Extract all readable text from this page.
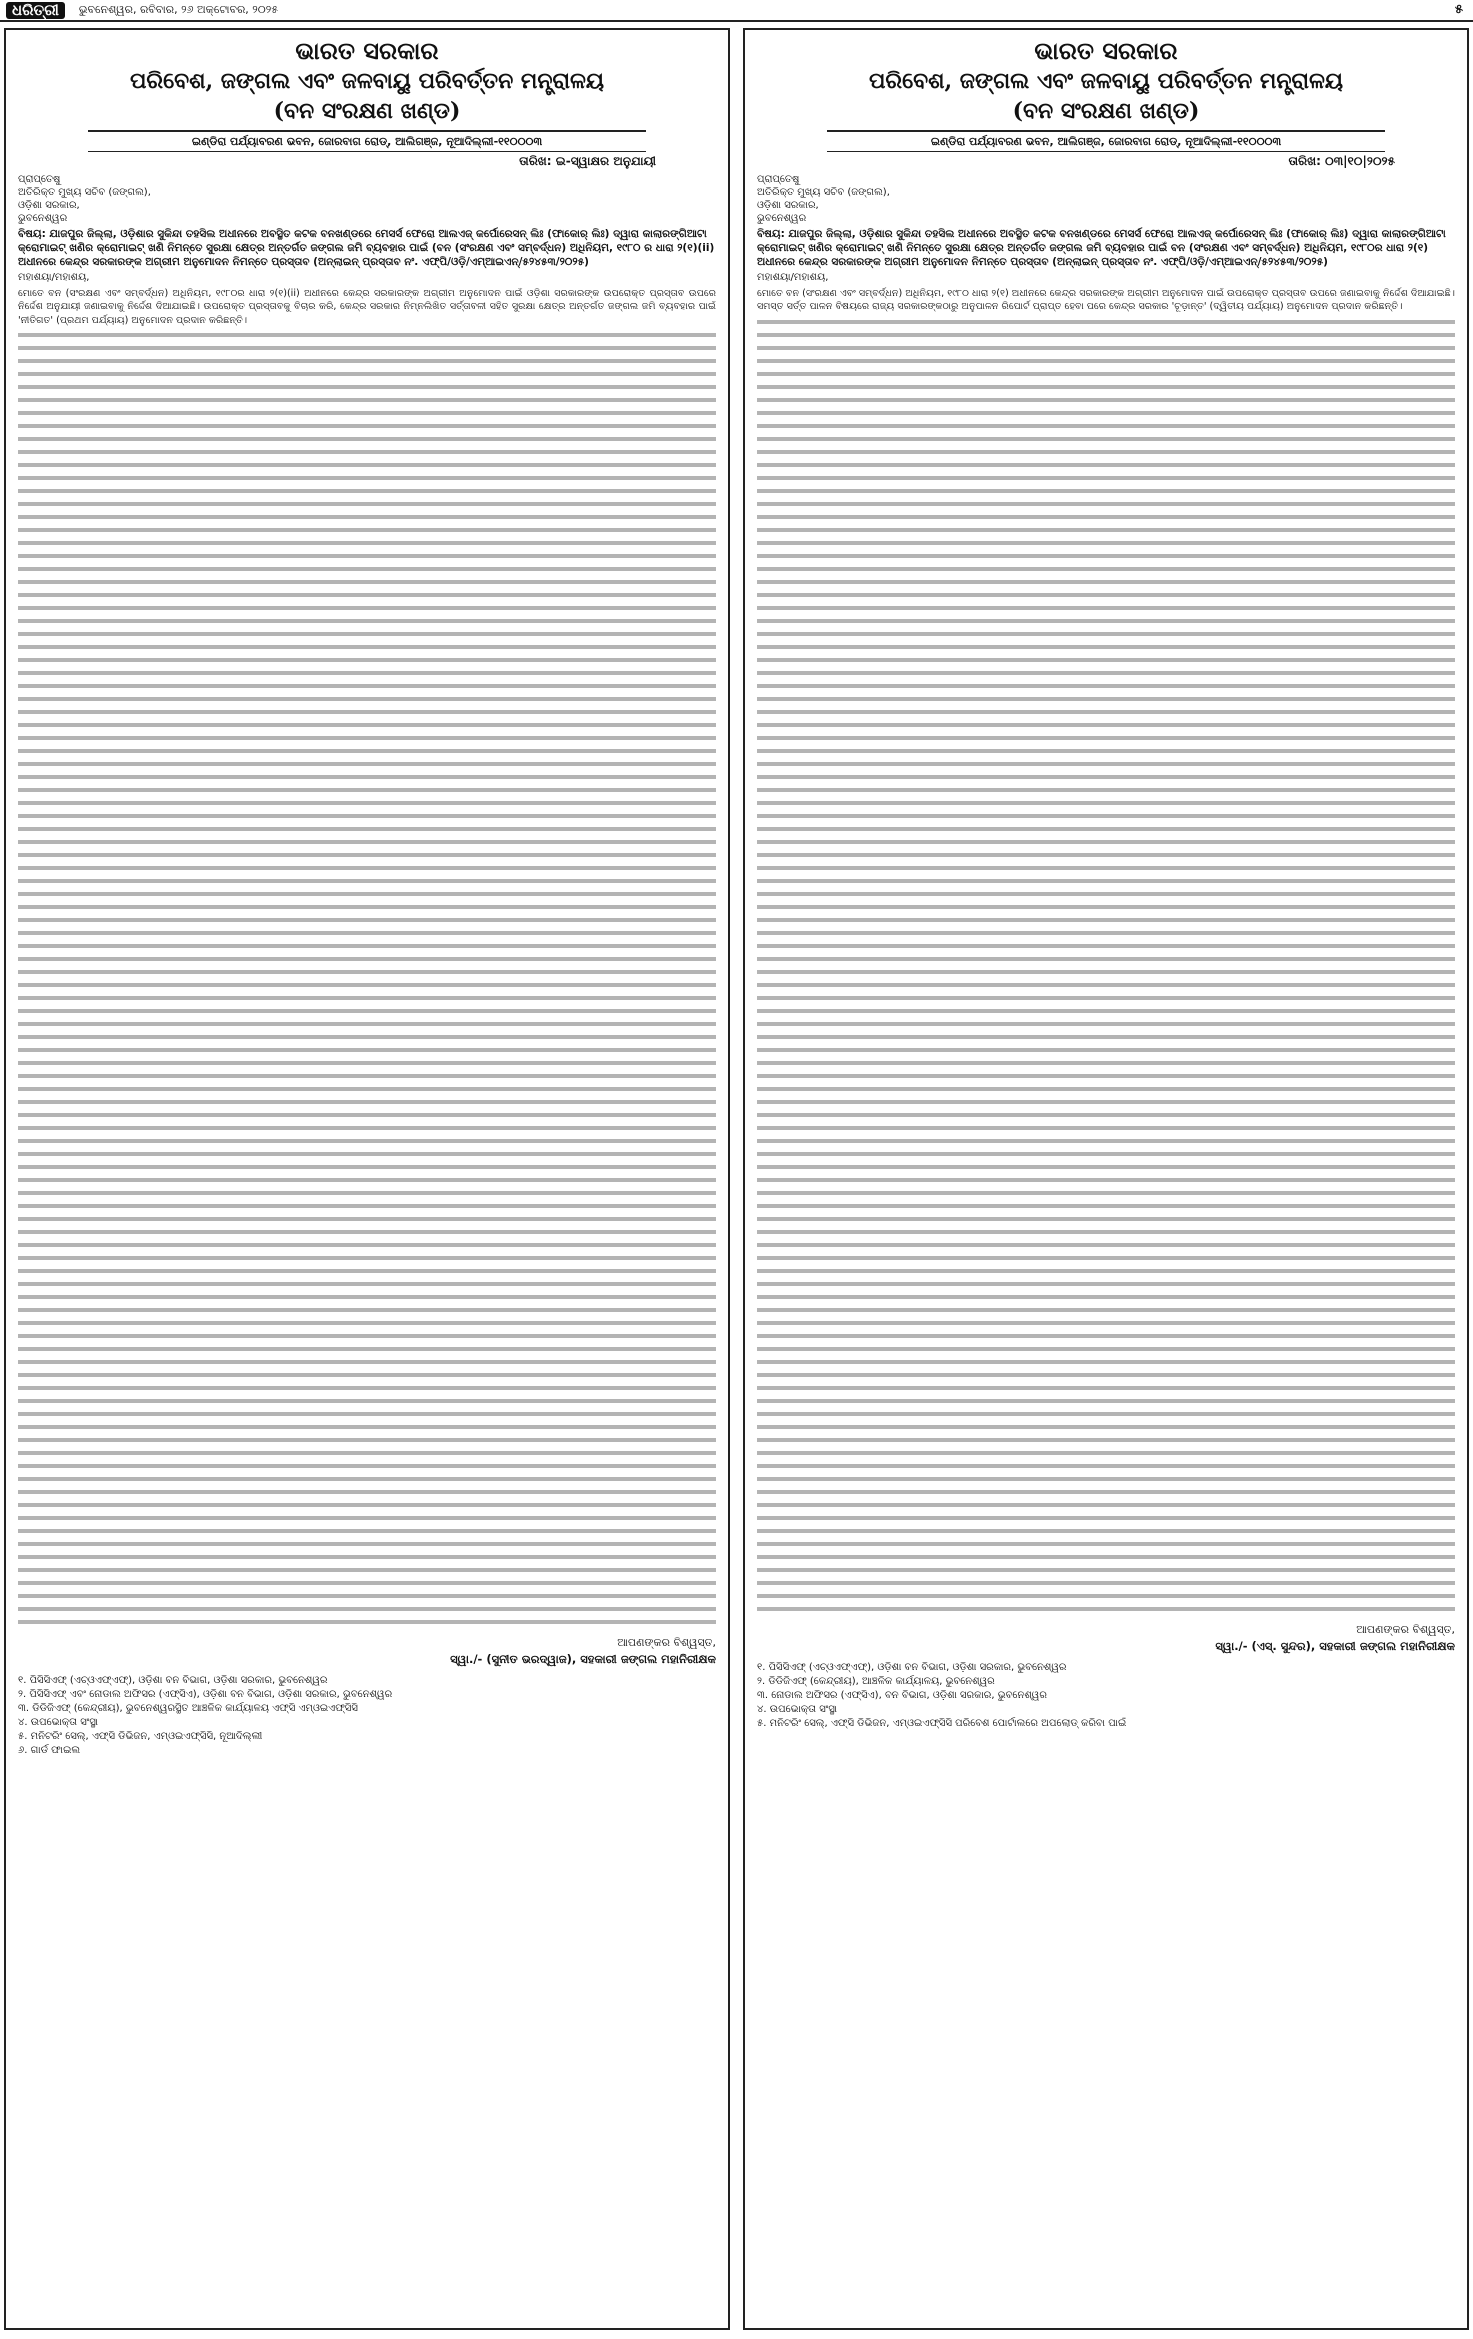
ଧରିତ୍ରୀ	ଭୁବନେଶ୍ୱର, ରବିବାର, ୨୬ ଅକ୍ଟୋବର, ୨୦୨୫	୫
ଭାରତ ସରକାର
ପରିବେଶ, ଜଙ୍ଗଲ ଏବଂ ଜଳବାୟୁ ପରିବର୍ତ୍ତନ ମନ୍ତ୍ରାଳୟ
(ବନ ସଂରକ୍ଷଣ ଖଣ୍ଡ)
ଇଣ୍ଡିରା ପର୍ଯ୍ୟାବରଣ ଭବନ, ଜୋରବାଗ ରୋଡ୍, ଆଲିଗଞ୍ଜ, ନୂଆଦିଲ୍ଲୀ-୧୧୦୦୦୩
ତାରିଖ: ଇ-ସ୍ୱାକ୍ଷର ଅନୁଯାୟୀ
ପ୍ରାପ୍ତେଷୁ
ଅତିରିକ୍ତ ମୁଖ୍ୟ ସଚିବ (ଜଙ୍ଗଲ),
ଓଡ଼ିଶା ସରକାର,
ଭୁବନେଶ୍ୱର
ବିଷୟ: ଯାଜପୁର ଜିଲ୍ଲା, ଓଡ଼ିଶାର ସୁକିନ୍ଦା ତହସିଲ ଅଧୀନରେ ଅବସ୍ଥିତ କଟକ ବନଖଣ୍ଡରେ ମେସର୍ସ ଫେରୋ ଆଲଏଜ୍ କର୍ପୋରେସନ୍ ଲିଃ (ଫାକୋର୍ ଲିଃ) ଦ୍ୱାରା କାଲାରଙ୍ଗିଆଟା କ୍ରୋମାଇଟ୍ ଖଣିର କ୍ରୋମାଇଟ୍ ଖଣି ନିମନ୍ତେ ସୁରକ୍ଷା କ୍ଷେତ୍ର ଅନ୍ତର୍ଗତ ଜଙ୍ଗଲ ଜମି ବ୍ୟବହାର ପାଇଁ (ବନ (ସଂରକ୍ଷଣ ଏବଂ ସମ୍ବର୍ଦ୍ଧନ) ଅଧିନିୟମ, ୧୯୮୦ ର ଧାରା ୨(୧)(ii) ଅଧୀନରେ କେନ୍ଦ୍ର ସରକାରଙ୍କ ଅଗ୍ରୀମ ଅନୁମୋଦନ ନିମନ୍ତେ ପ୍ରସ୍ତାବ (ଅନ୍‌ଲାଇନ୍ ପ୍ରସ୍ତାବ ନଂ. ଏଫ୍‌ପି/ଓଡ଼ି/ଏମ୍‌ଆଇଏନ୍/୫୨୪୫୩/୨୦୨୫)
ମହାଶୟା/ମହାଶୟ,
ମୋତେ ବନ (ସଂରକ୍ଷଣ ଏବଂ ସମ୍ବର୍ଦ୍ଧନ) ଅଧିନିୟମ, ୧୯୮୦ର ଧାରା ୨(୧)(ii) ଅଧୀନରେ କେନ୍ଦ୍ର ସରକାରଙ୍କ ଅଗ୍ରୀମ ଅନୁମୋଦନ ପାଇଁ ଓଡ଼ିଶା ସରକାରଙ୍କ ଉପରୋକ୍ତ ପ୍ରସ୍ତାବ ଉପରେ ନିର୍ଦ୍ଦେଶ ଅନୁଯାୟୀ ଜଣାଇବାକୁ ନିର୍ଦ୍ଦେଶ ଦିଆଯାଇଛି। ଉପରୋକ୍ତ ପ୍ରସ୍ତାବକୁ ବିଚାର କରି, କେନ୍ଦ୍ର ସରକାର ନିମ୍ନଲିଖିତ ସର୍ତ୍ତାବଳୀ ସହିତ ସୁରକ୍ଷା କ୍ଷେତ୍ର ଅନ୍ତର୍ଗତ ଜଙ୍ଗଲ ଜମି ବ୍ୟବହାର ପାଇଁ 'ନୀତିଗତ' (ପ୍ରଥମ ପର୍ଯ୍ୟାୟ) ଅନୁମୋଦନ ପ୍ରଦାନ କରିଛନ୍ତି।
ଆପଣଙ୍କର ବିଶ୍ୱସ୍ତ,
ସ୍ୱା./- (ସୁନୀତ ଭରଦ୍ୱାଜ), ସହକାରୀ ଜଙ୍ଗଲ ମହାନିରୀକ୍ଷକ
୧. ପିସିସିଏଫ୍ (ଏଚ୍‌ଓଏଫ୍‌ଏଫ୍), ଓଡ଼ିଶା ବନ ବିଭାଗ, ଓଡ଼ିଶା ସରକାର, ଭୁବନେଶ୍ୱର
୨. ପିସିସିଏଫ୍ ଏବଂ ନୋଡାଲ ଅଫିସର (ଏଫ୍‌ସିଏ), ଓଡ଼ିଶା ବନ ବିଭାଗ, ଓଡ଼ିଶା ସରକାର, ଭୁବନେଶ୍ୱର
୩. ଡିଡିଜିଏଫ୍ (କେନ୍ଦ୍ରୀୟ), ଭୁବନେଶ୍ୱରସ୍ଥିତ ଆଞ୍ଚଳିକ କାର୍ଯ୍ୟାଳୟ ଏଫ୍‌ସି ଏମ୍‌ଓଇଏଫ୍‌ସିସି
୪. ଉପଭୋକ୍ତା ସଂସ୍ଥା
୫. ମନିଟରିଂ ସେଲ୍, ଏଫ୍‌ସି ଡିଭିଜନ, ଏମ୍‌ଓଇଏଫ୍‌ସିସି, ନୂଆଦିଲ୍ଲୀ
୬. ଗାର୍ଡ ଫାଇଲ
ଭାରତ ସରକାର
ପରିବେଶ, ଜଙ୍ଗଲ ଏବଂ ଜଳବାୟୁ ପରିବର୍ତ୍ତନ ମନ୍ତ୍ରାଳୟ
(ବନ ସଂରକ୍ଷଣ ଖଣ୍ଡ)
ଇଣ୍ଡିରା ପର୍ଯ୍ୟାବରଣ ଭବନ, ଆଲିଗଞ୍ଜ, ଜୋରବାଗ ରୋଡ୍, ନୂଆଦିଲ୍ଲୀ-୧୧୦୦୦୩
ତାରିଖ: ୦୩|୧୦|୨୦୨୫
ପ୍ରାପ୍ତେଷୁ
ଅତିରିକ୍ତ ମୁଖ୍ୟ ସଚିବ (ଜଙ୍ଗଲ),
ଓଡ଼ିଶା ସରକାର,
ଭୁବନେଶ୍ୱର
ବିଷୟ: ଯାଜପୁର ଜିଲ୍ଲା, ଓଡ଼ିଶାର ସୁକିନ୍ଦା ତହସିଲ ଅଧୀନରେ ଅବସ୍ଥିତ କଟକ ବନଖଣ୍ଡରେ ମେସର୍ସ ଫେରୋ ଆଲଏଜ୍ କର୍ପୋରେସନ୍ ଲିଃ (ଫାକୋର୍ ଲିଃ) ଦ୍ୱାରା କାଲାରଙ୍ଗିଆଟା କ୍ରୋମାଇଟ୍ ଖଣିର କ୍ରୋମାଇଟ୍ ଖଣି ନିମନ୍ତେ ସୁରକ୍ଷା କ୍ଷେତ୍ର ଅନ୍ତର୍ଗତ ଜଙ୍ଗଲ ଜମି ବ୍ୟବହାର ପାଇଁ ବନ (ସଂରକ୍ଷଣ ଏବଂ ସମ୍ବର୍ଦ୍ଧନ) ଅଧିନିୟମ, ୧୯୮୦ର ଧାରା ୨(୧) ଅଧୀନରେ କେନ୍ଦ୍ର ସରକାରଙ୍କ ଅଗ୍ରୀମ ଅନୁମୋଦନ ନିମନ୍ତେ ପ୍ରସ୍ତାବ (ଅନ୍‌ଲାଇନ୍ ପ୍ରସ୍ତାବ ନଂ. ଏଫ୍‌ପି/ଓଡ଼ି/ଏମ୍‌ଆଇଏନ୍/୫୨୪୫୩/୨୦୨୫)
ମହାଶୟା/ମହାଶୟ,
ମୋତେ ବନ (ସଂରକ୍ଷଣ ଏବଂ ସମ୍ବର୍ଦ୍ଧନ) ଅଧିନିୟମ, ୧୯୮୦ ଧାରା ୨(୧) ଅଧୀନରେ କେନ୍ଦ୍ର ସରକାରଙ୍କ ଅଗ୍ରୀମ ଅନୁମୋଦନ ପାଇଁ ଉପରୋକ୍ତ ପ୍ରସ୍ତାବ ଉପରେ ଜଣାଇବାକୁ ନିର୍ଦ୍ଦେଶ ଦିଆଯାଇଛି। ସମସ୍ତ ସର୍ତ୍ତ ପାଳନ ବିଷୟରେ ରାଜ୍ୟ ସରକାରଙ୍କଠାରୁ ଅନୁପାଳନ ରିପୋର୍ଟ ପ୍ରାପ୍ତ ହେବା ପରେ କେନ୍ଦ୍ର ସରକାର 'ଚୂଡ଼ାନ୍ତ' (ଦ୍ୱିତୀୟ ପର୍ଯ୍ୟାୟ) ଅନୁମୋଦନ ପ୍ରଦାନ କରିଛନ୍ତି।
ଆପଣଙ୍କର ବିଶ୍ୱସ୍ତ,
ସ୍ୱା./- (ଏସ୍. ସୁନ୍ଦର), ସହକାରୀ ଜଙ୍ଗଲ ମହାନିରୀକ୍ଷକ
୧. ପିସିସିଏଫ୍ (ଏଚ୍‌ଓଏଫ୍‌ଏଫ୍), ଓଡ଼ିଶା ବନ ବିଭାଗ, ଓଡ଼ିଶା ସରକାର, ଭୁବନେଶ୍ୱର
୨. ଡିଡିଜିଏଫ୍ (କେନ୍ଦ୍ରୀୟ), ଆଞ୍ଚଳିକ କାର୍ଯ୍ୟାଳୟ, ଭୁବନେଶ୍ୱର
୩. ନୋଡାଲ ଅଫିସର (ଏଫ୍‌ସିଏ), ବନ ବିଭାଗ, ଓଡ଼ିଶା ସରକାର, ଭୁବନେଶ୍ୱର
୪. ଉପଭୋକ୍ତା ସଂସ୍ଥା
୫. ମନିଟରିଂ ସେଲ୍, ଏଫ୍‌ସି ଡିଭିଜନ, ଏମ୍‌ଓଇଏଫ୍‌ସିସି ପରିବେଶ ପୋର୍ଟାଲରେ ଅପଲୋଡ୍ କରିବା ପାଇଁ
